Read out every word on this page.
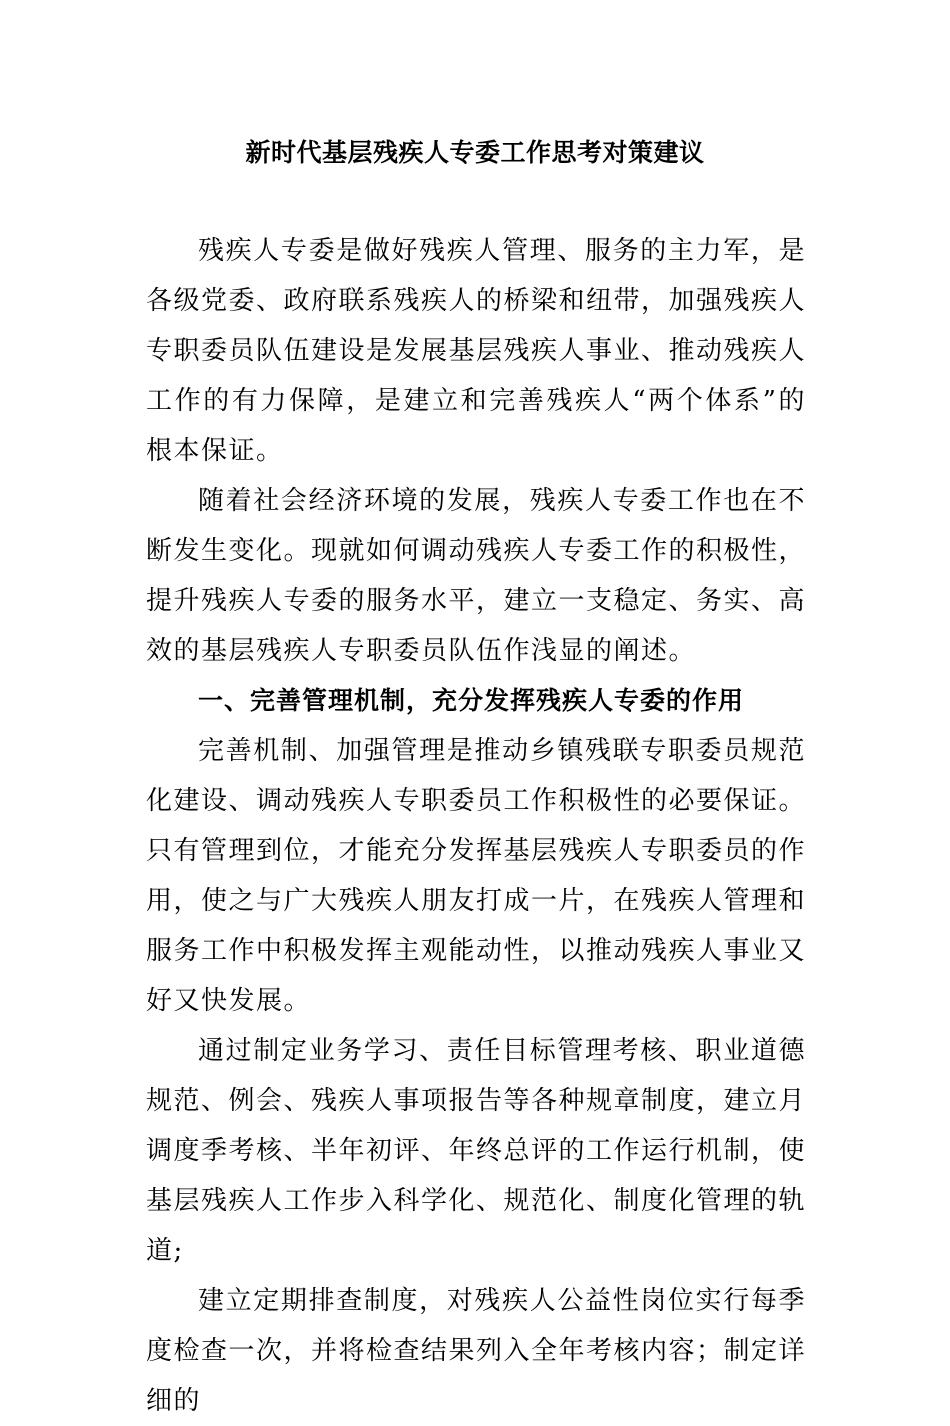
新时代基层残疾人专委工作思考对策建议

残疾人专委是做好残疾人管理、服务的主力军，是各级党委、政府联系残疾人的桥梁和纽带，加强残疾人专职委员队伍建设是发展基层残疾人事业、推动残疾人工作的有力保障，是建立和完善残疾人“两个体系”的根本保证。

随着社会经济环境的发展，残疾人专委工作也在不断发生变化。现就如何调动残疾人专委工作的积极性，提升残疾人专委的服务水平，建立一支稳定、务实、高效的基层残疾人专职委员队伍作浅显的阐述。

一、完善管理机制，充分发挥残疾人专委的作用

完善机制、加强管理是推动乡镇残联专职委员规范化建设、调动残疾人专职委员工作积极性的必要保证。只有管理到位，才能充分发挥基层残疾人专职委员的作用，使之与广大残疾人朋友打成一片，在残疾人管理和服务工作中积极发挥主观能动性，以推动残疾人事业又好又快发展。

通过制定业务学习、责任目标管理考核、职业道德规范、例会、残疾人事项报告等各种规章制度，建立月调度季考核、半年初评、年终总评的工作运行机制，使基层残疾人工作步入科学化、规范化、制度化管理的轨道;

建立定期排查制度，对残疾人公益性岗位实行每季度检查一次，并将检查结果列入全年考核内容；制定详细的
